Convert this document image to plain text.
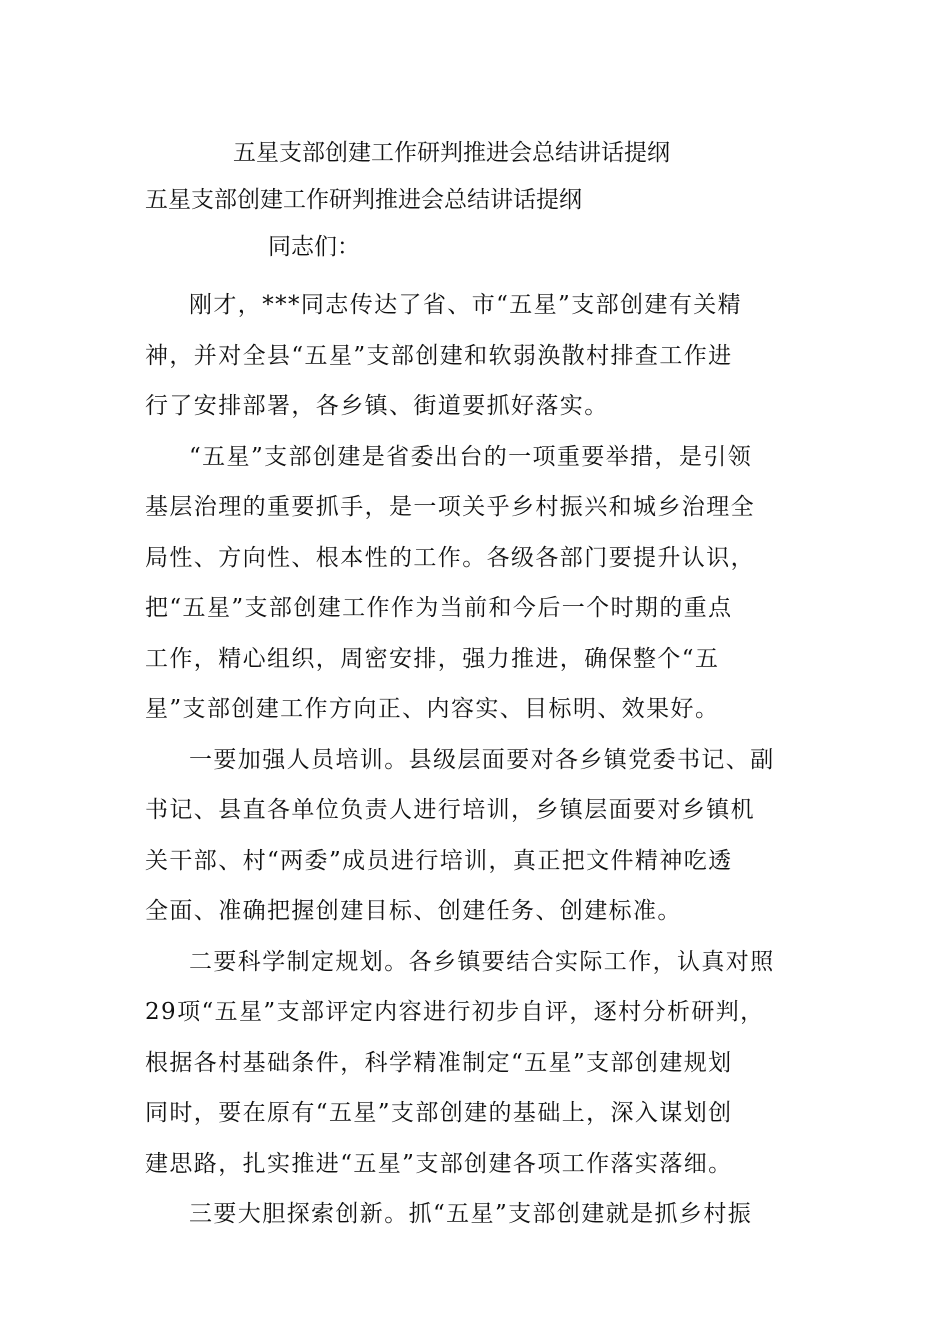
五星支部创建工作研判推进会总结讲话提纲
五星支部创建工作研判推进会总结讲话提纲
同志们：
刚才，***同志传达了省、市“五星”支部创建有关精
神，并对全县“五星”支部创建和软弱涣散村排查工作进
行了安排部署，各乡镇、街道要抓好落实。
“五星”支部创建是省委出台的一项重要举措，是引领
基层治理的重要抓手，是一项关乎乡村振兴和城乡治理全
局性、方向性、根本性的工作。各级各部门要提升认识，
把“五星”支部创建工作作为当前和今后一个时期的重点
工作，精心组织，周密安排，强力推进，确保整个“五
星”支部创建工作方向正、内容实、目标明、效果好。
一要加强人员培训。县级层面要对各乡镇党委书记、副
书记、县直各单位负责人进行培训，乡镇层面要对乡镇机
关干部、村“两委”成员进行培训，真正把文件精神吃透
全面、准确把握创建目标、创建任务、创建标准。
二要科学制定规划。各乡镇要结合实际工作，认真对照
29项“五星”支部评定内容进行初步自评，逐村分析研判，
根据各村基础条件，科学精准制定“五星”支部创建规划
同时，要在原有“五星”支部创建的基础上，深入谋划创
建思路，扎实推进“五星”支部创建各项工作落实落细。
三要大胆探索创新。抓“五星”支部创建就是抓乡村振
